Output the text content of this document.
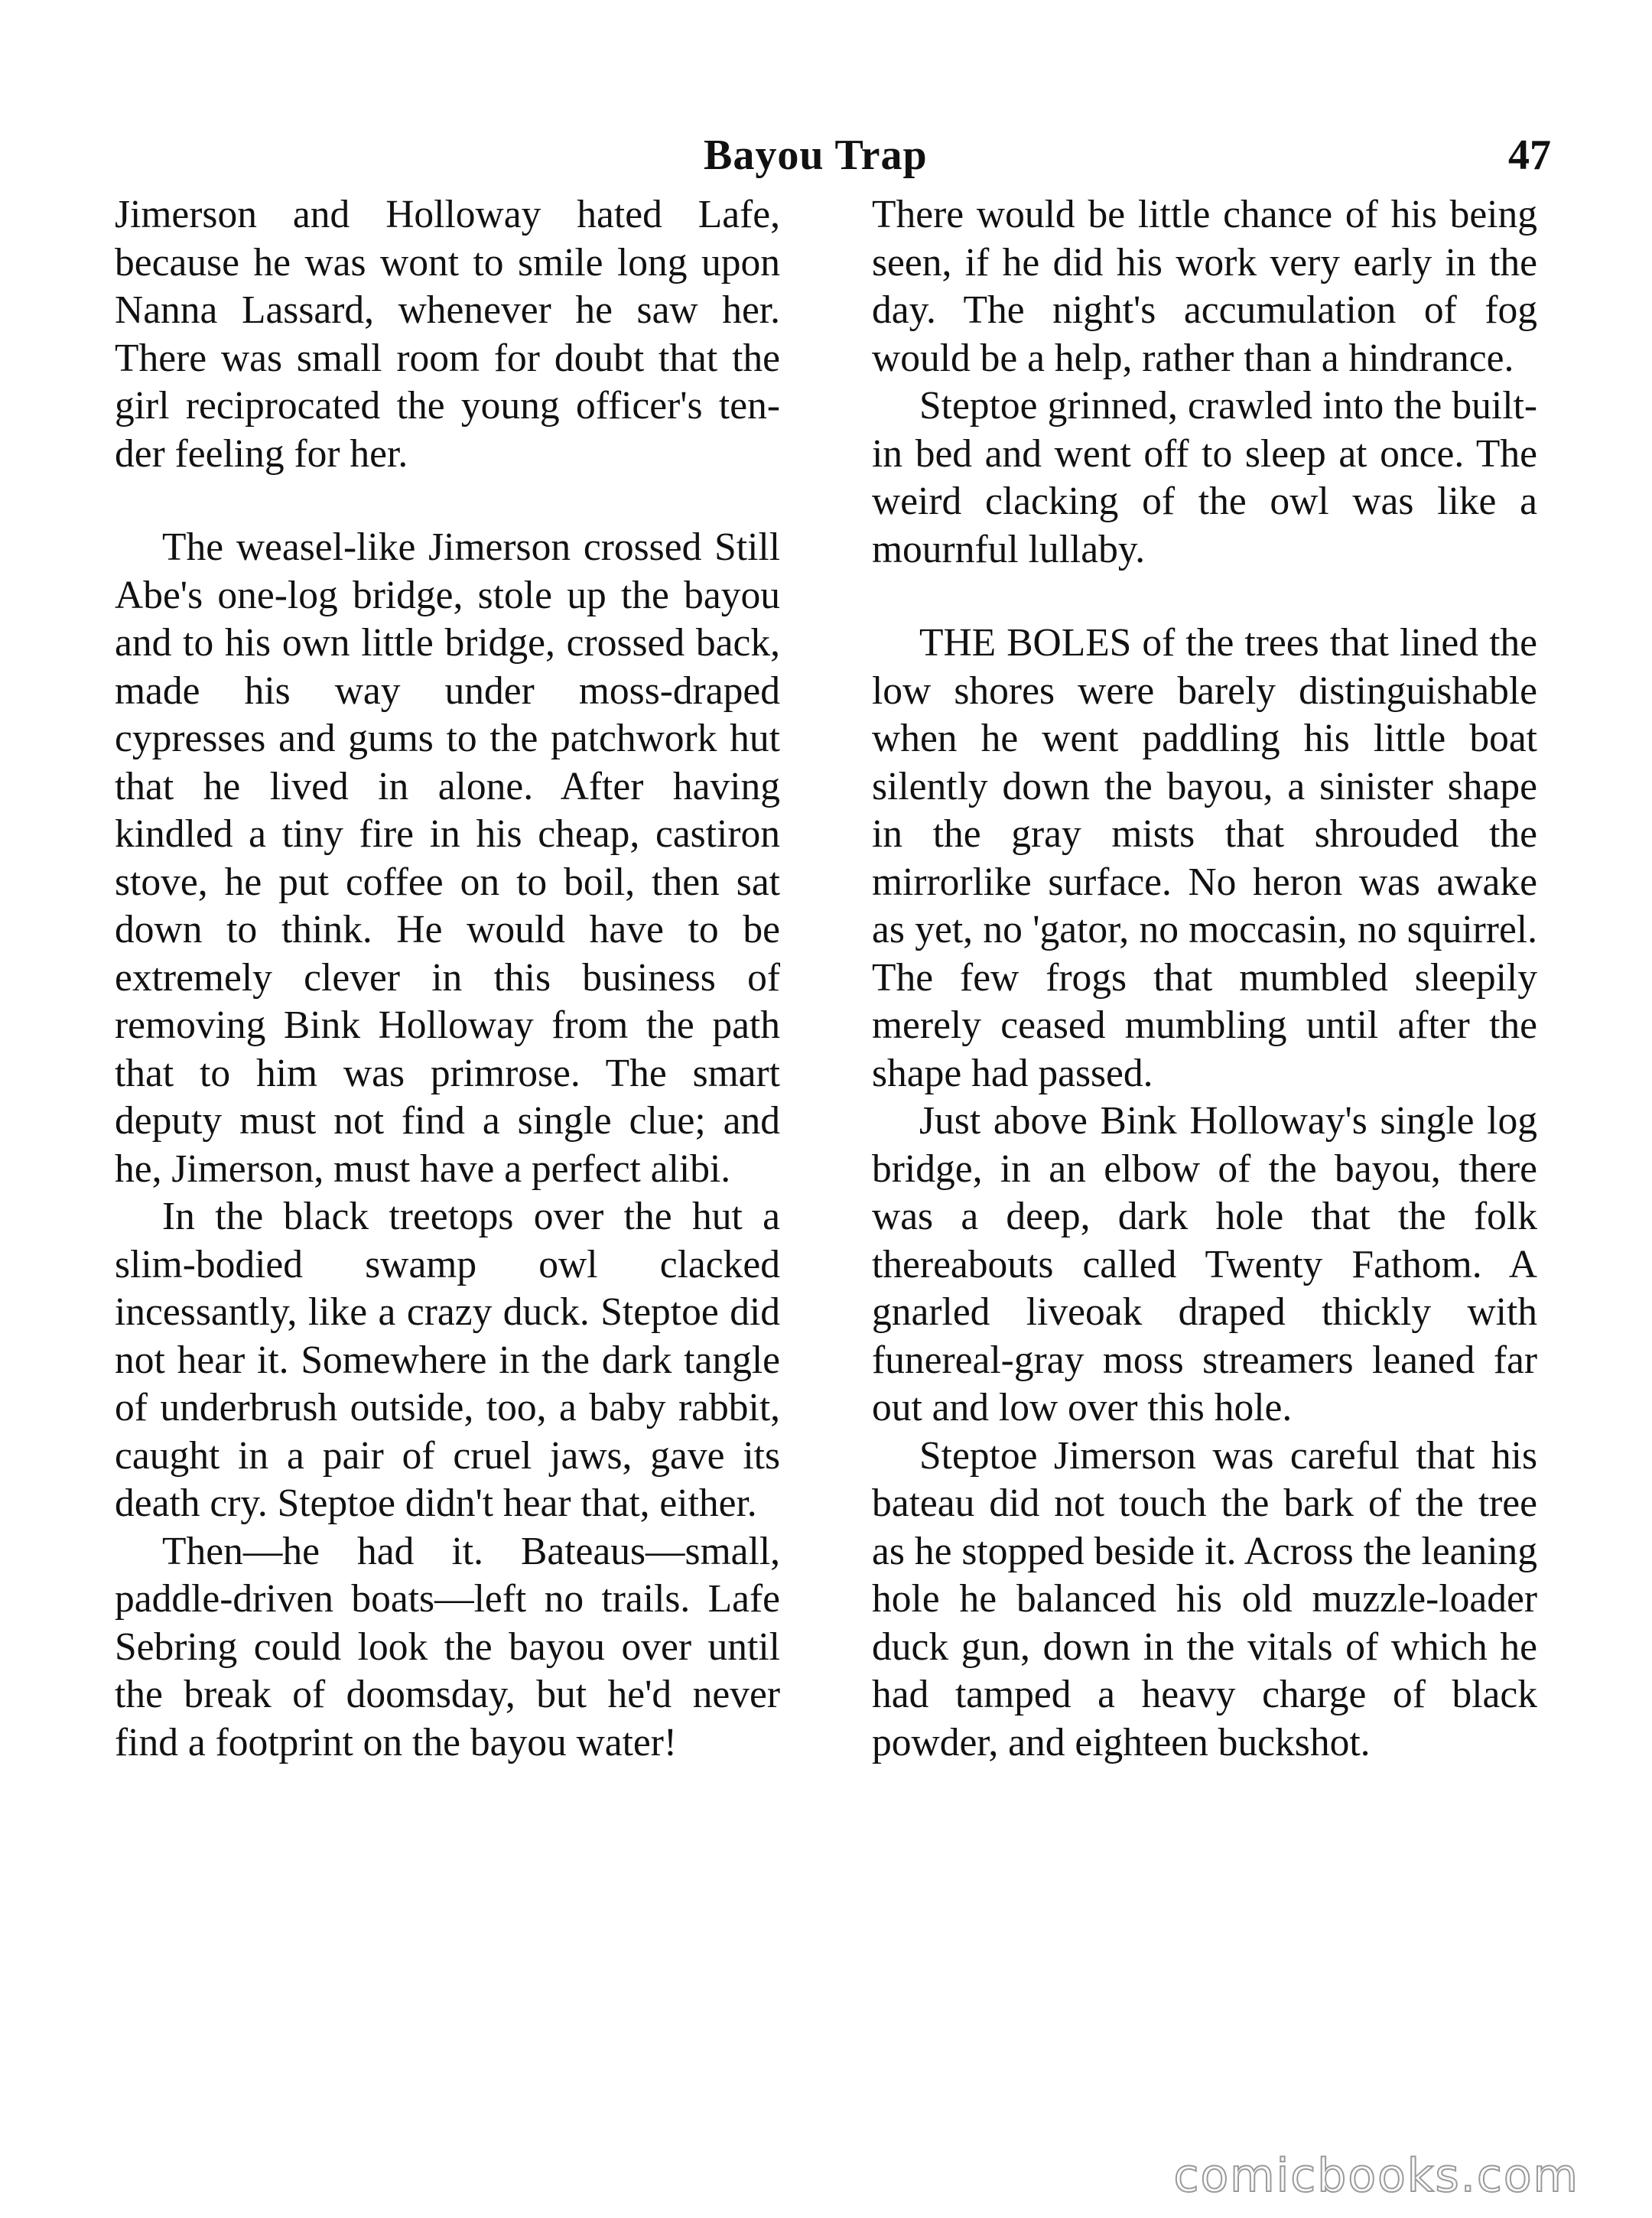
Bayou Trap	47

Jimerson and Holloway hated Lafe, because he was wont to smile long upon Nanna Lassard, whenever he saw her. There was small room for doubt that the girl reciprocated the young officer's tender feeling for her.

The weasel-like Jimerson crossed Still Abe's one-log bridge, stole up the bayou and to his own little bridge, crossed back, made his way under moss-draped cypresses and gums to the patchwork hut that he lived in alone. After having kindled a tiny fire in his cheap, castiron stove, he put coffee on to boil, then sat down to think. He would have to be extremely clever in this business of removing Bink Holloway from the path that to him was primrose. The smart deputy must not find a single clue; and he, Jimerson, must have a perfect alibi.

In the black treetops over the hut a slim-bodied swamp owl clacked incessantly, like a crazy duck. Steptoe did not hear it. Somewhere in the dark tangle of underbrush outside, too, a baby rabbit, caught in a pair of cruel jaws, gave its death cry. Steptoe didn't hear that, either.

Then—he had it. Bateaus—small, paddle-driven boats—left no trails. Lafe Sebring could look the bayou over until the break of doomsday, but he'd never find a footprint on the bayou water!

There would be little chance of his being seen, if he did his work very early in the day. The night's accumulation of fog would be a help, rather than a hindrance.

Steptoe grinned, crawled into the built-in bed and went off to sleep at once. The weird clacking of the owl was like a mournful lullaby.

THE BOLES of the trees that lined the low shores were barely distinguishable when he went paddling his little boat silently down the bayou, a sinister shape in the gray mists that shrouded the mirrorlike surface. No heron was awake as yet, no 'gator, no moccasin, no squirrel. The few frogs that mumbled sleepily merely ceased mumbling until after the shape had passed.

Just above Bink Holloway's single log bridge, in an elbow of the bayou, there was a deep, dark hole that the folk thereabouts called Twenty Fathom. A gnarled liveoak draped thickly with funereal-gray moss streamers leaned far out and low over this hole.

Steptoe Jimerson was careful that his bateau did not touch the bark of the tree as he stopped beside it. Across the leaning hole he balanced his old muzzle-loader duck gun, down in the vitals of which he had tamped a heavy charge of black powder, and eighteen buckshot.

comicbooks.com
